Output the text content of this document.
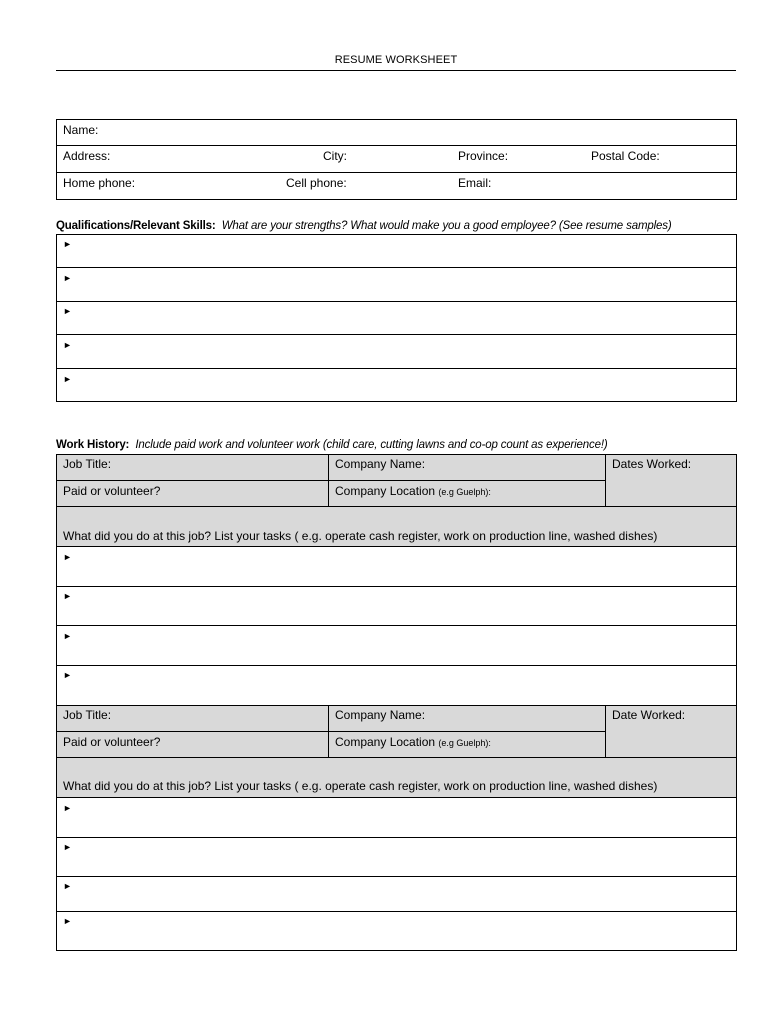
RESUME WORKSHEET
Name:
Address:	City:	Province:	Postal Code:
Home phone:	Cell phone:	Email:
Qualifications/Relevant Skills: What are your strengths? What would make you a good employee? (See resume samples)
►
►
►
►
►
Work History: Include paid work and volunteer work (child care, cutting lawns and co-op count as experience!)
Job Title:	Company Name:	Dates Worked:
Paid or volunteer?	Company Location (e.g Guelph):
What did you do at this job? List your tasks ( e.g. operate cash register, work on production line, washed dishes)
►
►
►
►
Job Title:	Company Name:	Date Worked:
Paid or volunteer?	Company Location (e.g Guelph):
What did you do at this job? List your tasks ( e.g. operate cash register, work on production line, washed dishes)
►
►
►
►
